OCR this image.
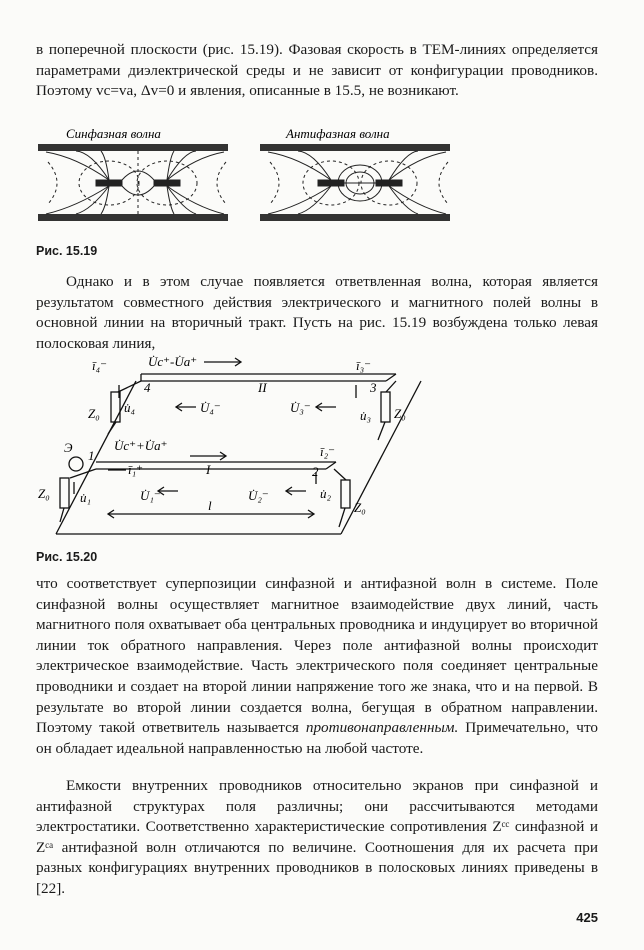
в поперечной плоскости (рис. 15.19). Фазовая скорость в ТЕМ-линиях определяется параметрами диэлектрической среды и не зависит от конфигурации проводников. Поэтому vс=vа, Δv=0 и явления, описанные в 15.5, не возникают.

Синфазная волна	Антифазная волна
Рис. 15.19

Однако и в этом случае появляется ответвленная волна, которая является результатом совместного действия электрического и магнитного полей волны в основной линии на вторичный тракт. Пусть на рис. 15.19 возбуждена только левая полосковая линия,

ī₄⁻	U̇c⁺-U̇a⁺	ī₃⁻
4	3
II
Z₀	Z₀
u̇₄	U̇₄⁻	U̇₃⁻
u̇₃
Э	U̇c⁺+U̇a⁺
1
ī₁⁺	I	2
ī₂⁻
Z₀ u̇₁	U̇₁⁻	U̇₂⁻	u̇₂
Z₀
l
Рис. 15.20

что соответствует суперпозиции синфазной и антифазной волн в системе. Поле синфазной волны осуществляет магнитное взаимодействие двух линий, часть магнитного поля охватывает оба центральных проводника и индуцирует во вторичной линии ток обратного направления. Через поле антифазной волны происходит электрическое взаимодействие. Часть электрического поля соединяет центральные проводники и создает на второй линии напряжение того же знака, что и на первой. В результате во второй линии создается волна, бегущая в обратном направлении. Поэтому такой ответвитель называется противонаправленным. Примечательно, что он обладает идеальной направленностью на любой частоте.

Емкости внутренних проводников относительно экранов при синфазной и антифазной структурах поля различны; они рассчитываются методами электростатики. Соответственно характеристические сопротивления Zᶜᶜ синфазной и Zᶜᵃ антифазной волн отличаются по величине. Соотношения для их расчета при разных конфигурациях внутренних проводников в полосковых линиях приведены в [22].

425
